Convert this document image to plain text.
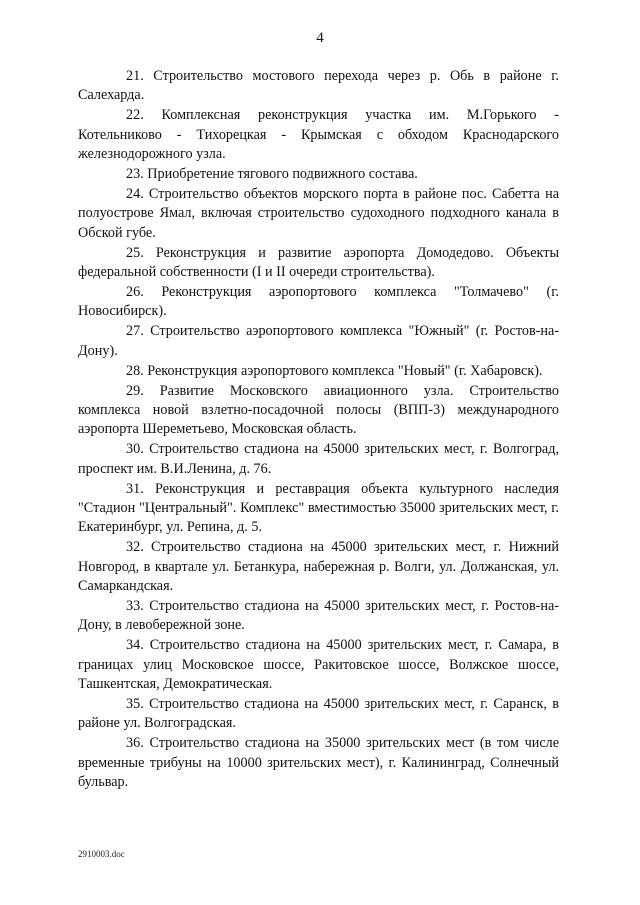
4

21. Строительство мостового перехода через р. Обь в районе г. Салехарда.

22. Комплексная реконструкция участка им. М.Горького - Котельниково - Тихорецкая - Крымская с обходом Краснодарского железнодорожного узла.

23. Приобретение тягового подвижного состава.

24. Строительство объектов морского порта в районе пос. Сабетта на полуострове Ямал, включая строительство судоходного подходного канала в Обской губе.

25. Реконструкция и развитие аэропорта Домодедово. Объекты федеральной собственности (I и II очереди строительства).

26. Реконструкция аэропортового комплекса "Толмачево" (г. Новосибирск).

27. Строительство аэропортового комплекса "Южный" (г. Ростов-на-Дону).

28. Реконструкция аэропортового комплекса "Новый" (г. Хабаровск).

29. Развитие Московского авиационного узла. Строительство комплекса новой взлетно-посадочной полосы (ВПП-3) международного аэропорта Шереметьево, Московская область.

30. Строительство стадиона на 45000 зрительских мест, г. Волгоград, проспект им. В.И.Ленина, д. 76.

31. Реконструкция и реставрация объекта культурного наследия "Стадион "Центральный". Комплекс" вместимостью 35000 зрительских мест, г. Екатеринбург, ул. Репина, д. 5.

32. Строительство стадиона на 45000 зрительских мест, г. Нижний Новгород, в квартале ул. Бетанкура, набережная р. Волги, ул. Должанская, ул. Самаркандская.

33. Строительство стадиона на 45000 зрительских мест, г. Ростов-на-Дону, в левобережной зоне.

34. Строительство стадиона на 45000 зрительских мест, г. Самара, в границах улиц Московское шоссе, Ракитовское шоссе, Волжское шоссе, Ташкентская, Демократическая.

35. Строительство стадиона на 45000 зрительских мест, г. Саранск, в районе ул. Волгоградская.

36. Строительство стадиона на 35000 зрительских мест (в том числе временные трибуны на 10000 зрительских мест), г. Калининград, Солнечный бульвар.

2910003.doc
